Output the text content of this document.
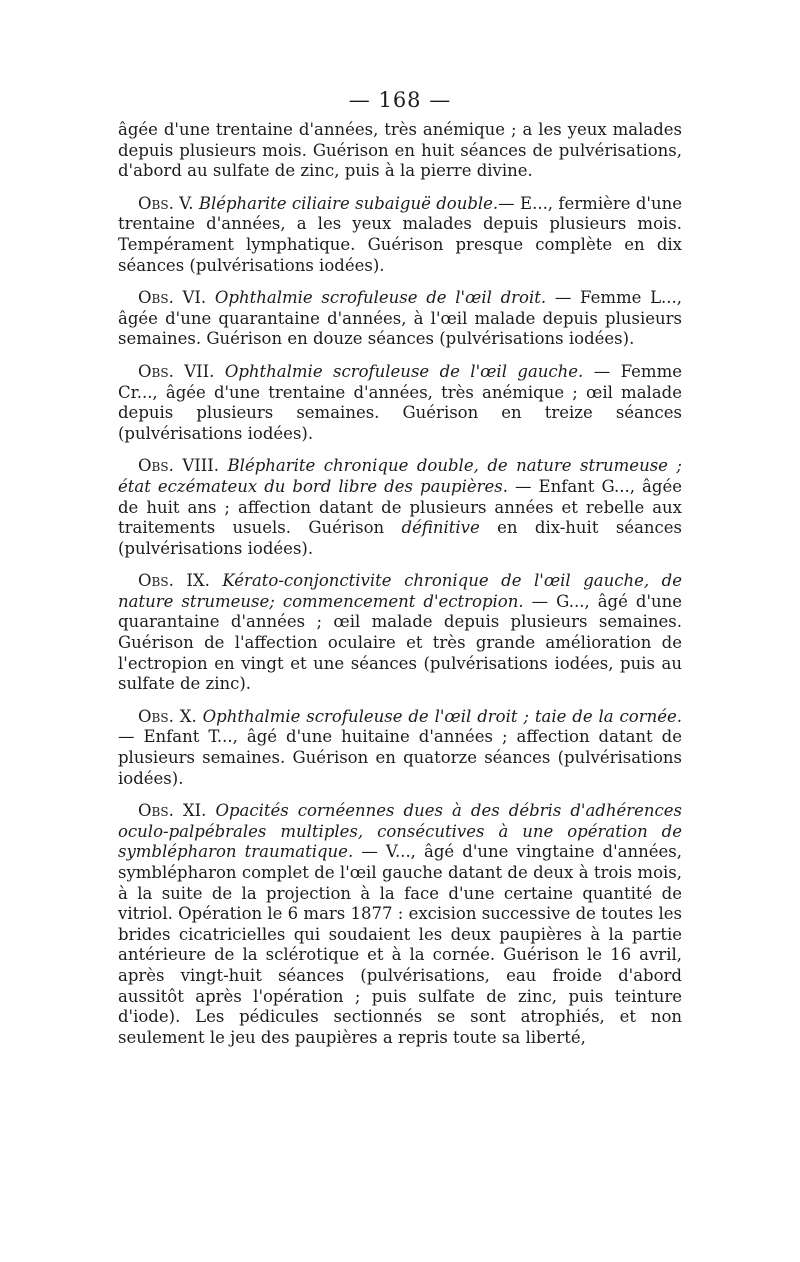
— 168 —

âgée d'une trentaine d'années, très anémique ; a les yeux malades depuis plusieurs mois. Guérison en huit séances de pulvérisations, d'abord au sulfate de zinc, puis à la pierre divine.

Obs. V. Blépharite ciliaire subaiguë double.— E..., fermière d'une trentaine d'années, a les yeux malades depuis plusieurs mois. Tempérament lymphatique. Guérison presque complète en dix séances (pulvérisations iodées).

Obs. VI. Ophthalmie scrofuleuse de l'œil droit. — Femme L..., âgée d'une quarantaine d'années, à l'œil malade depuis plusieurs semaines. Guérison en douze séances (pulvérisations iodées).

Obs. VII. Ophthalmie scrofuleuse de l'œil gauche. — Femme Cr..., âgée d'une trentaine d'années, très anémique ; œil malade depuis plusieurs semaines. Guérison en treize séances (pulvérisations iodées).

Obs. VIII. Blépharite chronique double, de nature strumeuse ; état eczémateux du bord libre des paupières. — Enfant G..., âgée de huit ans ; affection datant de plusieurs années et rebelle aux traitements usuels. Guérison définitive en dix-huit séances (pulvérisations iodées).

Obs. IX. Kérato-conjonctivite chronique de l'œil gauche, de nature strumeuse; commencement d'ectropion. — G..., âgé d'une quarantaine d'années ; œil malade depuis plusieurs semaines. Guérison de l'affection oculaire et très grande amélioration de l'ectropion en vingt et une séances (pulvérisations iodées, puis au sulfate de zinc).

Obs. X. Ophthalmie scrofuleuse de l'œil droit ; taie de la cornée. — Enfant T..., âgé d'une huitaine d'années ; affection datant de plusieurs semaines. Guérison en quatorze séances (pulvérisations iodées).

Obs. XI. Opacités cornéennes dues à des débris d'adhérences oculo-palpébrales multiples, consécutives à une opération de symblépharon traumatique. — V..., âgé d'une vingtaine d'années, symblépharon complet de l'œil gauche datant de deux à trois mois, à la suite de la projection à la face d'une certaine quantité de vitriol. Opération le 6 mars 1877 : excision successive de toutes les brides cicatricielles qui soudaient les deux paupières à la partie antérieure de la sclérotique et à la cornée. Guérison le 16 avril, après vingt-huit séances (pulvérisations, eau froide d'abord aussitôt après l'opération ; puis sulfate de zinc, puis teinture d'iode). Les pédicules sectionnés se sont atrophiés, et non seulement le jeu des paupières a repris toute sa liberté,
